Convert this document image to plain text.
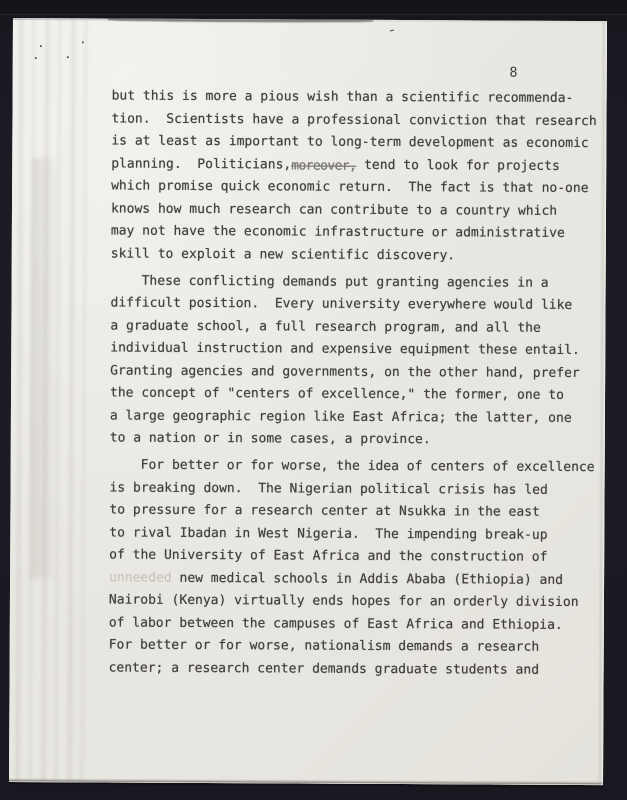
8
but this is more a pious wish than a scientific recommenda-
tion.  Scientists have a professional conviction that research
is at least as important to long-term development as economic
planning.  Politicians,moreover, tend to look for projects
which promise quick economic return.  The fact is that no-one
knows how much research can contribute to a country which
may not have the economic infrastructure or administrative
skill to exploit a new scientific discovery.
These conflicting demands put granting agencies in a
difficult position.  Every university everywhere would like
a graduate school, a full research program, and all the
individual instruction and expensive equipment these entail.
Granting agencies and governments, on the other hand, prefer
the concept of "centers of excellence," the former, one to
a large geographic region like East Africa; the latter, one
to a nation or in some cases, a province.
For better or for worse, the idea of centers of excellence
is breaking down.  The Nigerian political crisis has led
to pressure for a research center at Nsukka in the east
to rival Ibadan in West Nigeria.  The impending break-up
of the University of East Africa and the construction of
unneeded new medical schools in Addis Ababa (Ethiopia) and
Nairobi (Kenya) virtually ends hopes for an orderly division
of labor between the campuses of East Africa and Ethiopia.
For better or for worse, nationalism demands a research
center; a research center demands graduate students and
